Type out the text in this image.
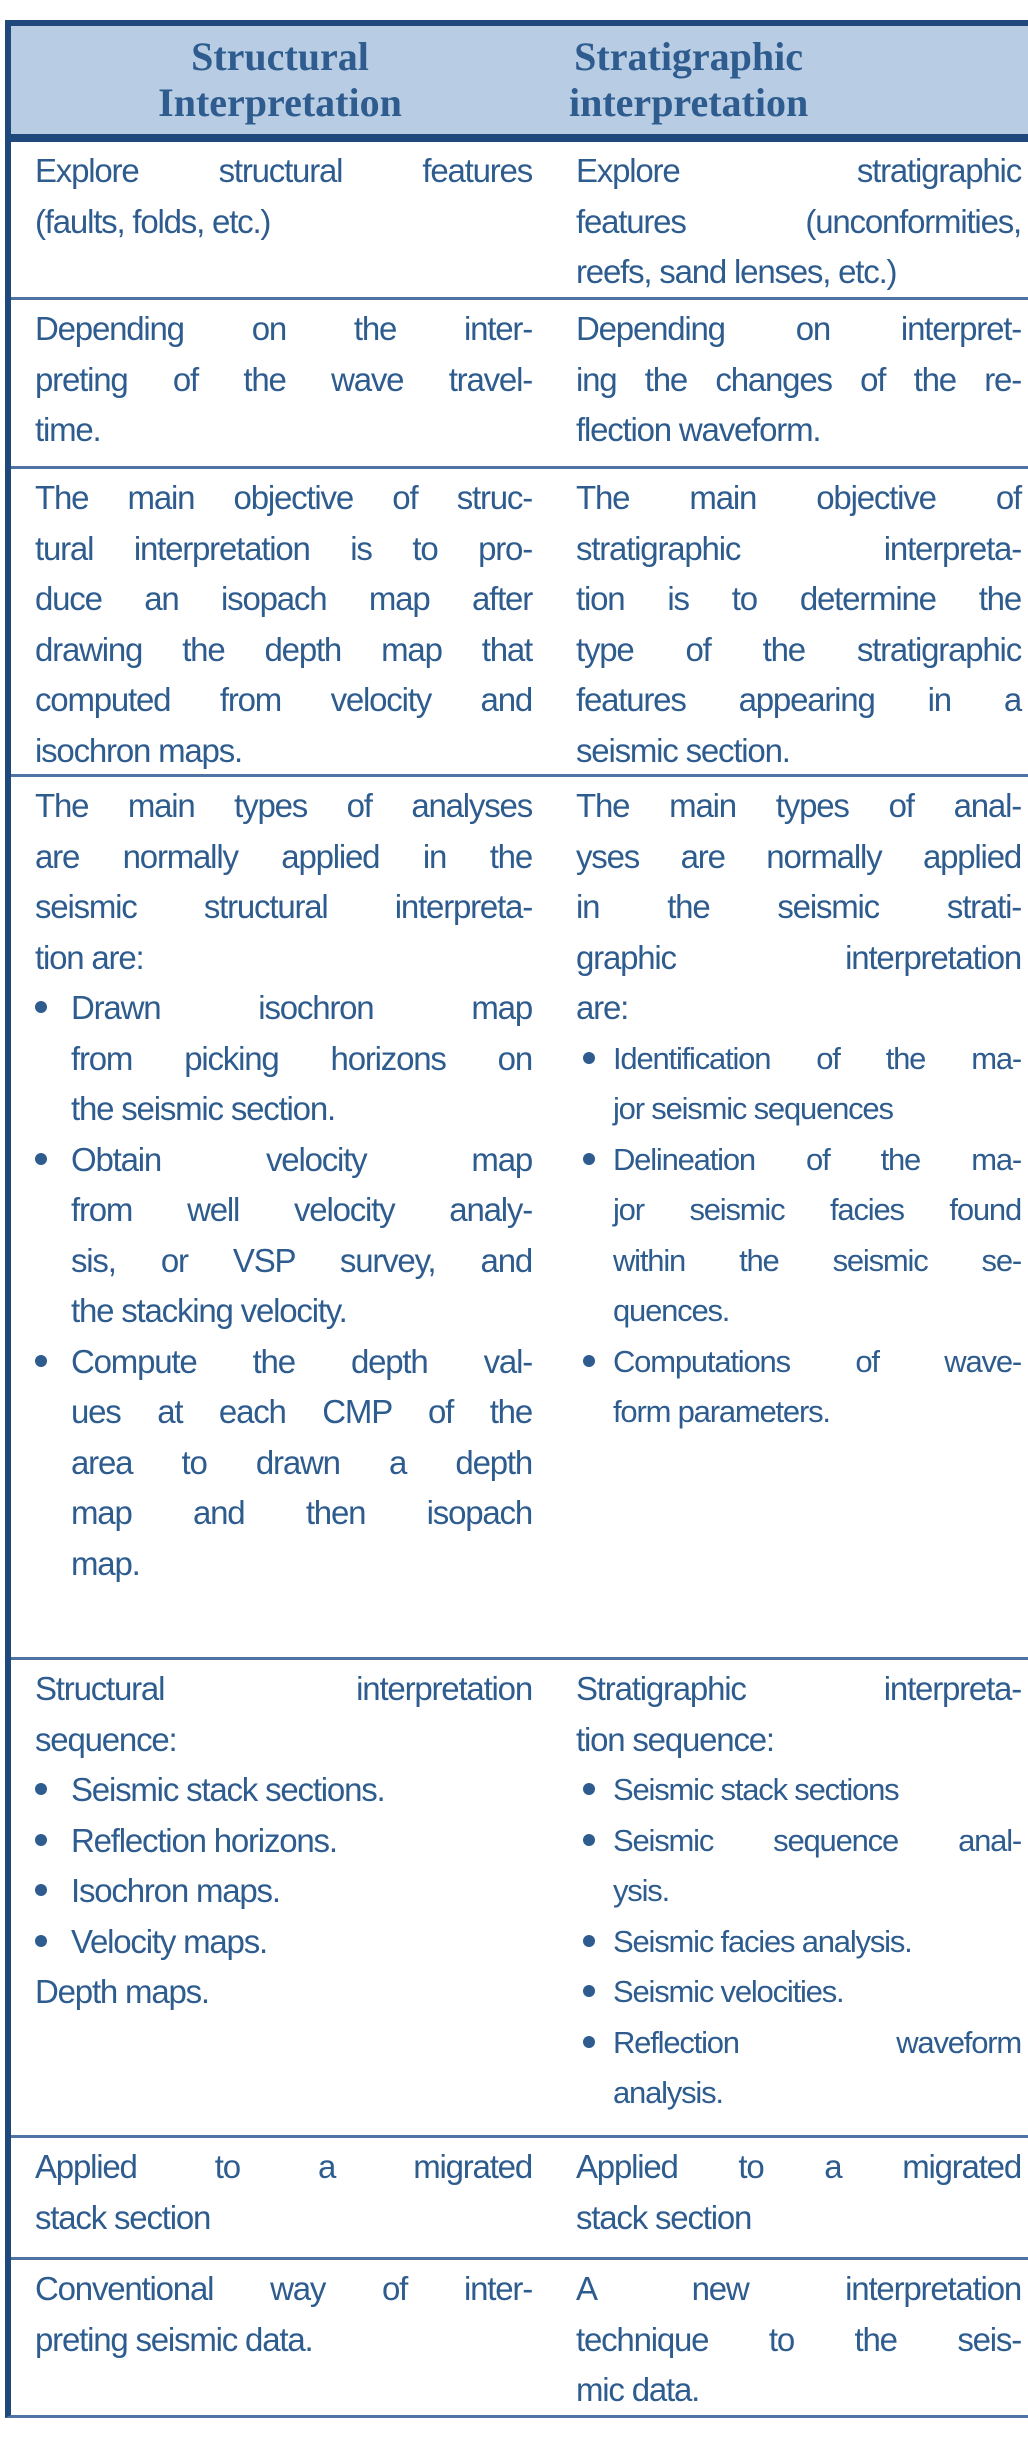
Structural
Interpretation
Stratigraphic
interpretation
Explore structural features
(faults, folds, etc.)
Explore stratigraphic
features (unconformities,
reefs, sand lenses, etc.)
Depending on the inter-
preting of the wave travel-
time.
Depending on interpret-
ing the changes of the re-
flection waveform.
The main objective of struc-
tural interpretation is to pro-
duce an isopach map after
drawing the depth map that
computed from velocity and
isochron maps.
The main objective of
stratigraphic interpreta-
tion is to determine the
type of the stratigraphic
features appearing in a
seismic section.
The main types of analyses
are normally applied in the
seismic structural interpreta-
tion are:
Drawn isochron map
from picking horizons on
the seismic section.
Obtain velocity map
from well velocity analy-
sis, or VSP survey, and
the stacking velocity.
Compute the depth val-
ues at each CMP of the
area to drawn a depth
map and then isopach
map.
The main types of anal-
yses are normally applied
in the seismic strati-
graphic interpretation
are:
Identification of the ma-
jor seismic sequences
Delineation of the ma-
jor seismic facies found
within the seismic se-
quences.
Computations of wave-
form parameters.
Structural interpretation
sequence:
Seismic stack sections.
Reflection horizons.
Isochron maps.
Velocity maps.
Depth maps.
Stratigraphic interpreta-
tion sequence:
Seismic stack sections
Seismic sequence anal-
ysis.
Seismic facies analysis.
Seismic velocities.
Reflection waveform
analysis.
Applied to a migrated
stack section
Applied to a migrated
stack section
Conventional way of inter-
preting seismic data.
A new interpretation
technique to the seis-
mic data.
